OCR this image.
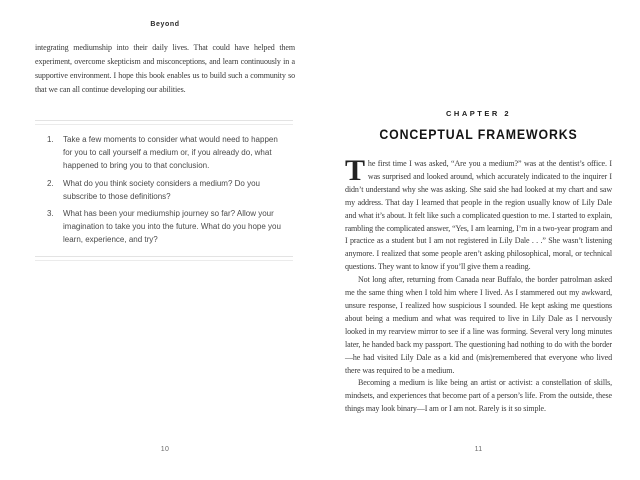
Beyond
integrating mediumship into their daily lives. That could have helped them experiment, overcome skepticism and misconceptions, and learn continuously in a supportive environment. I hope this book enables us to build such a community so that we can all continue developing our abilities.
1.	Take a few moments to consider what would need to happen for you to call yourself a medium or, if you already do, what happened to bring you to that conclusion.
2.	What do you think society considers a medium? Do you subscribe to those definitions?
3.	What has been your mediumship journey so far? Allow your imagination to take you into the future. What do you hope you learn, experience, and try?
10
CHAPTER 2
CONCEPTUAL FRAMEWORKS

The first time I was asked, “Are you a medium?” was at the dentist’s office. I was surprised and looked around, which accurately indicated to the inquirer I didn’t understand why she was asking. She said she had looked at my chart and saw my address. That day I learned that people in the region usually know of Lily Dale and what it’s about. It felt like such a complicated question to me. I started to explain, rambling the complicated answer, “Yes, I am learning, I’m in a two-year program and I practice as a student but I am not registered in Lily Dale . . .” She wasn’t listening anymore. I realized that some people aren’t asking philosophical, moral, or technical questions. They want to know if you’ll give them a reading.

Not long after, returning from Canada near Buffalo, the border patrolman asked me the same thing when I told him where I lived. As I stammered out my awkward, unsure response, I realized how suspicious I sounded. He kept asking me questions about being a medium and what was required to live in Lily Dale as I nervously looked in my rearview mirror to see if a line was forming. Several very long minutes later, he handed back my passport. The questioning had nothing to do with the border—he had visited Lily Dale as a kid and (mis)remembered that everyone who lived there was required to be a medium.

Becoming a medium is like being an artist or activist: a constellation of skills, mindsets, and experiences that become part of a person’s life. From the outside, these things may look binary—I am or I am not. Rarely is it so simple.

11
